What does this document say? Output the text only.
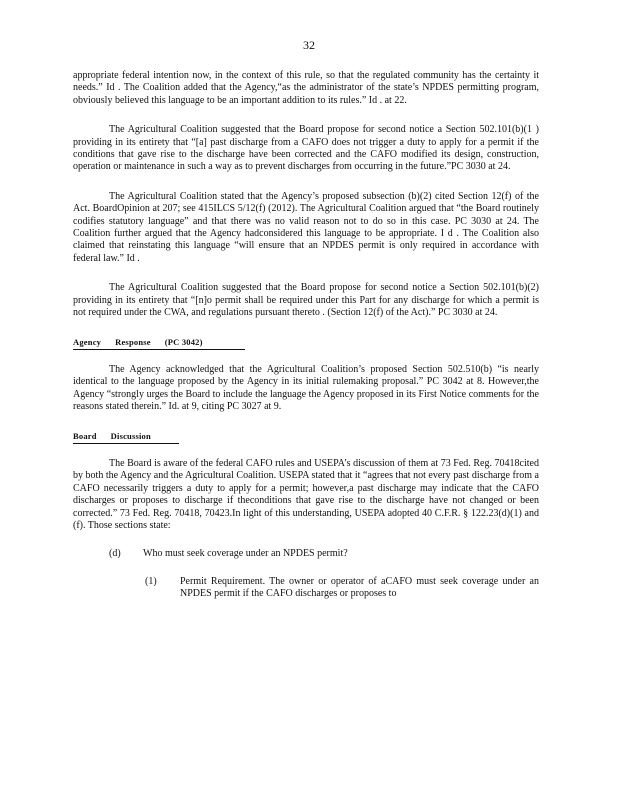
32

appropriate federal intention now, in the context of this rule, so that the regulated community has the certainty it needs.” Id . The Coalition added that the Agency,“as the administrator of the state’s NPDES permitting program, obviously believed this language to be an important addition to its rules.” Id . at 22.

The Agricultural Coalition suggested that the Board propose for second notice a Section 502.101(b)(1 ) providing in its entirety that “[a] past discharge from a CAFO does not trigger a duty to apply for a permit if the conditions that gave rise to the discharge have been corrected and the CAFO modified its design, construction, operation or maintenance in such a way as to prevent discharges from occurring in the future.”PC 3030 at 24.

The Agricultural Coalition stated that the Agency’s proposed subsection (b)(2) cited Section 12(f) of the Act. BoardOpinion at 207; see 415ILCS 5/12(f) (2012). The Agricultural Coalition argued that “the Board routinely codifies statutory language” and that there was no valid reason not to do so in this case. PC 3030 at 24. The Coalition further argued that the Agency hadconsidered this language to be appropriate. I d . The Coalition also claimed that reinstating this language “will ensure that an NPDES permit is only required in accordance with federal law.” Id .

The Agricultural Coalition suggested that the Board propose for second notice a Section 502.101(b)(2) providing in its entirety that “[n]o permit shall be required under this Part for any discharge for which a permit is not required under the CWA, and regulations pursuant thereto . (Section 12(f) of the Act).” PC 3030 at 24.

Agency Response (PC 3042)

The Agency acknowledged that the Agricultural Coalition’s proposed Section 502.510(b) “is nearly identical to the language proposed by the Agency in its initial rulemaking proposal.” PC 3042 at 8. However,the Agency “strongly urges the Board to include the language the Agency proposed in its First Notice comments for the reasons stated therein.” Id. at 9, citing PC 3027 at 9.

Board Discussion

The Board is aware of the federal CAFO rules and USEPA’s discussion of them at 73 Fed. Reg. 70418cited by both the Agency and the Agricultural Coalition. USEPA stated that it “agrees that not every past discharge from a CAFO necessarily triggers a duty to apply for a permit; however,a past discharge may indicate that the CAFO discharges or proposes to discharge if theconditions that gave rise to the discharge have not changed or been corrected.” 73 Fed. Reg. 70418, 70423.In light of this understanding, USEPA adopted 40 C.F.R. § 122.23(d)(1) and (f). Those sections state:

(d)	Who must seek coverage under an NPDES permit?
(1)	Permit Requirement. The owner or operator of aCAFO must seek coverage under an NPDES permit if the CAFO discharges or proposes to
